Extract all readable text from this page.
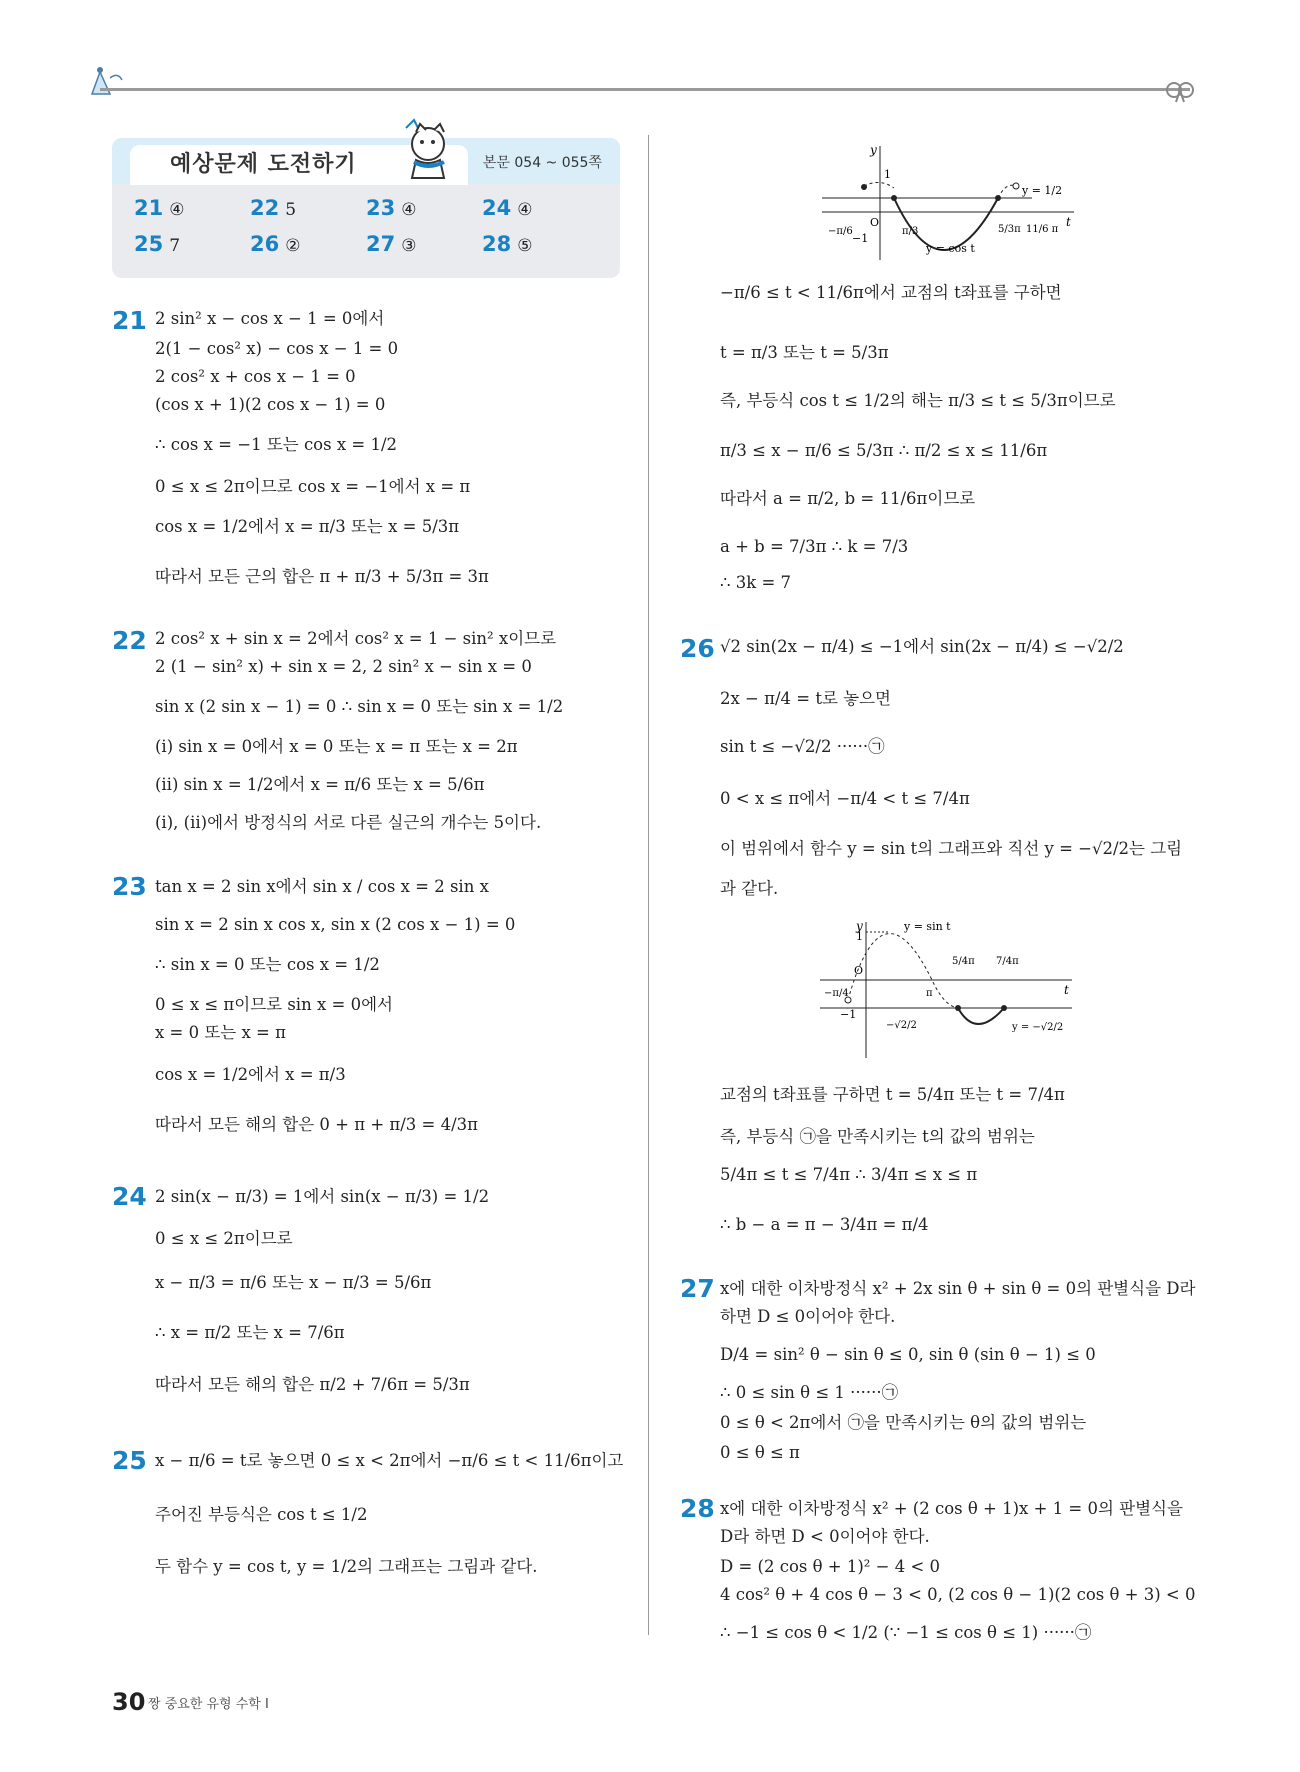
예상문제 도전하기	본문 054 ~ 055쪽
21 ④	22 5	23 ④	24 ④
25 7	26 ②	27 ③	28 ⑤
21 2 sin² x − cos x − 1 = 0에서
2(1 − cos² x) − cos x − 1 = 0
2 cos² x + cos x − 1 = 0
(cos x + 1)(2 cos x − 1) = 0
∴ cos x = −1 또는 cos x = 1/2
0 ≤ x ≤ 2π이므로 cos x = −1에서 x = π
cos x = 1/2에서 x = π/3 또는 x = 5/3π
따라서 모든 근의 합은 π + π/3 + 5/3π = 3π
22 2 cos² x + sin x = 2에서 cos² x = 1 − sin² x이므로
2 (1 − sin² x) + sin x = 2, 2 sin² x − sin x = 0
sin x (2 sin x − 1) = 0 ∴ sin x = 0 또는 sin x = 1/2
(ⅰ) sin x = 0에서 x = 0 또는 x = π 또는 x = 2π
(ⅱ) sin x = 1/2에서 x = π/6 또는 x = 5/6π
(ⅰ), (ⅱ)에서 방정식의 서로 다른 실근의 개수는 5이다.
23 tan x = 2 sin x에서 sin x / cos x = 2 sin x
sin x = 2 sin x cos x, sin x (2 cos x − 1) = 0
∴ sin x = 0 또는 cos x = 1/2
0 ≤ x ≤ π이므로 sin x = 0에서
x = 0 또는 x = π
cos x = 1/2에서 x = π/3
따라서 모든 해의 합은 0 + π + π/3 = 4/3π
24 2 sin(x − π/3) = 1에서 sin(x − π/3) = 1/2
0 ≤ x ≤ 2π이므로
x − π/3 = π/6 또는 x − π/3 = 5/6π
∴ x = π/2 또는 x = 7/6π
따라서 모든 해의 합은 π/2 + 7/6π = 5/3π
25 x − π/6 = t로 놓으면 0 ≤ x < 2π에서 −π/6 ≤ t < 11/6π이고
주어진 부등식은 cos t ≤ 1/2
두 함수 y = cos t, y = 1/2의 그래프는 그림과 같다.
y
t
O
1
−1
−π/6	π/3	5/3π 11/6 π
y = 1/2
y = cos t
−π/6 ≤ t < 11/6π에서 교점의 t좌표를 구하면
t = π/3 또는 t = 5/3π
즉, 부등식 cos t ≤ 1/2의 해는 π/3 ≤ t ≤ 5/3π이므로
π/3 ≤ x − π/6 ≤ 5/3π ∴ π/2 ≤ x ≤ 11/6π
따라서 a = π/2, b = 11/6π이므로
a + b = 7/3π ∴ k = 7/3
∴ 3k = 7
26 √2 sin(2x − π/4) ≤ −1에서 sin(2x − π/4) ≤ −√2/2
2x − π/4 = t로 놓으면
sin t ≤ −√2/2 ······㉠
0 < x ≤ π에서 −π/4 < t ≤ 7/4π
이 범위에서 함수 y = sin t의 그래프와 직선 y = −√2/2는 그림
과 같다.
y
t
O
1
−1
−π/4	π
5/4π 7/4π
−√2/2	y = −√2/2
y = sin t
교점의 t좌표를 구하면 t = 5/4π 또는 t = 7/4π
즉, 부등식 ㉠을 만족시키는 t의 값의 범위는
5/4π ≤ t ≤ 7/4π ∴ 3/4π ≤ x ≤ π
∴ b − a = π − 3/4π = π/4
27 x에 대한 이차방정식 x² + 2x sin θ + sin θ = 0의 판별식을 D라
하면 D ≤ 0이어야 한다.
D/4 = sin² θ − sin θ ≤ 0, sin θ (sin θ − 1) ≤ 0
∴ 0 ≤ sin θ ≤ 1 ······㉠
0 ≤ θ < 2π에서 ㉠을 만족시키는 θ의 값의 범위는
0 ≤ θ ≤ π
28 x에 대한 이차방정식 x² + (2 cos θ + 1)x + 1 = 0의 판별식을
D라 하면 D < 0이어야 한다.
D = (2 cos θ + 1)² − 4 < 0
4 cos² θ + 4 cos θ − 3 < 0, (2 cos θ − 1)(2 cos θ + 3) < 0
∴ −1 ≤ cos θ < 1/2 (∵ −1 ≤ cos θ ≤ 1) ······㉠
30 짱 중요한 유형 수학 Ⅰ
